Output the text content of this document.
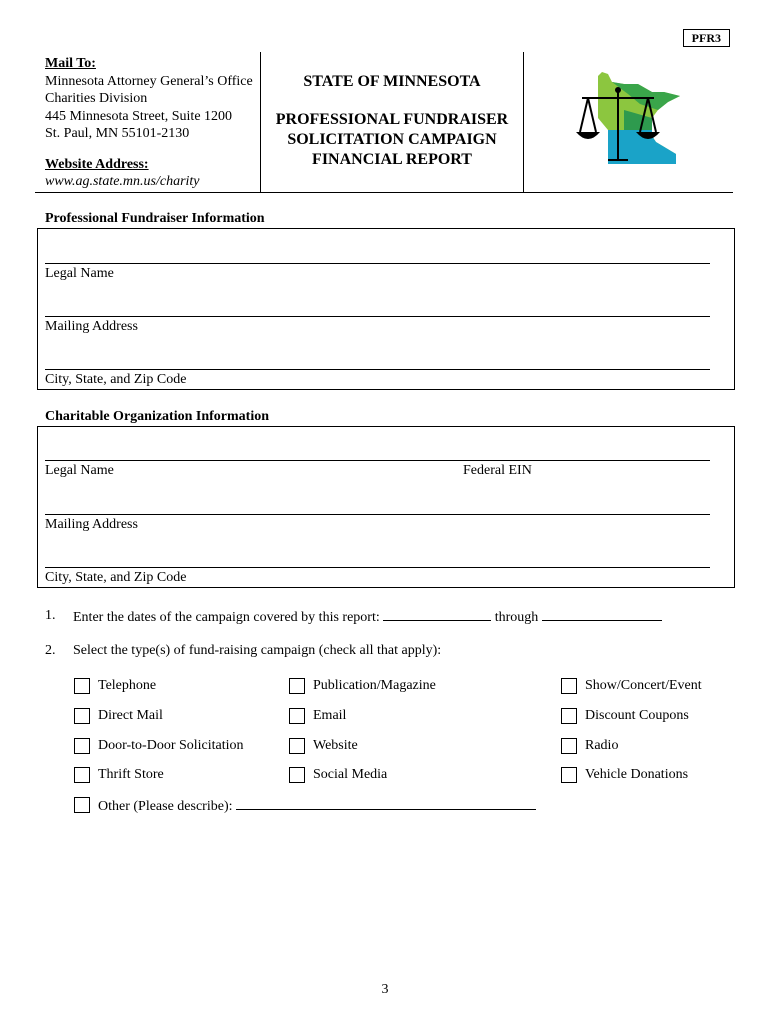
PFR3
Mail To:
Minnesota Attorney General’s Office
Charities Division
445 Minnesota Street, Suite 1200
St. Paul, MN 55101-2130
Website Address:
www.ag.state.mn.us/charity
STATE OF MINNESOTA
PROFESSIONAL FUNDRAISER
SOLICITATION CAMPAIGN
FINANCIAL REPORT
Professional Fundraiser Information
Legal Name
Mailing Address
City, State, and Zip Code
Charitable Organization Information
Legal Name	Federal EIN
Mailing Address
City, State, and Zip Code
1. Enter the dates of the campaign covered by this report:	through
2. Select the type(s) of fund-raising campaign (check all that apply):
Telephone	Publication/Magazine	Show/Concert/Event
Direct Mail	Email	Discount Coupons
Door-to-Door Solicitation	Website	Radio
Thrift Store	Social Media	Vehicle Donations
Other (Please describe):
3
